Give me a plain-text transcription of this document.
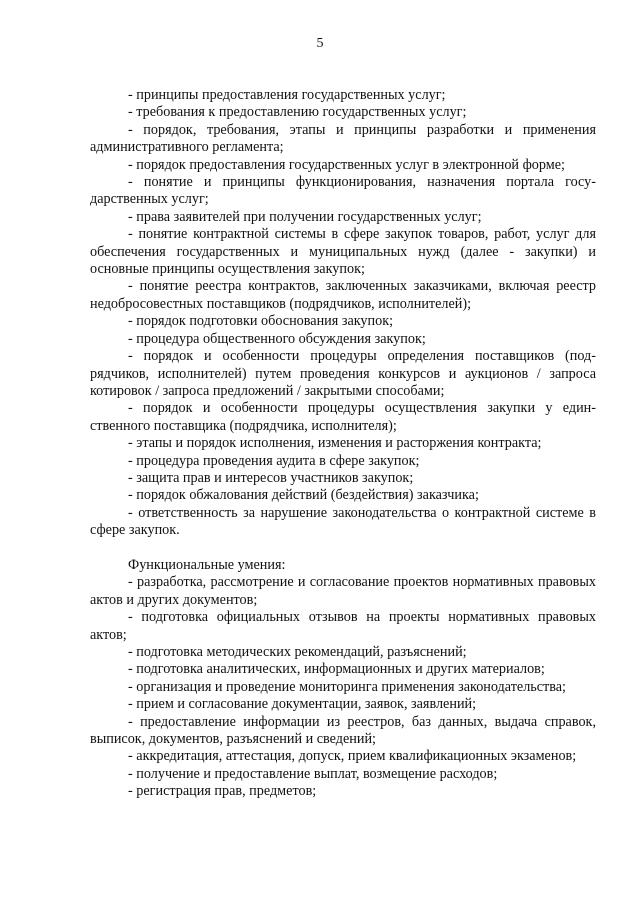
5

- принципы предоставления государственных услуг;

- требования к предоставлению государственных услуг;

- порядок, требования, этапы и принципы разработки и применения административного регламента;

- порядок предоставления государственных услуг в электронной форме;

- понятие и принципы функционирования, назначения портала государственных услуг;

- права заявителей при получении государственных услуг;

- понятие контрактной системы в сфере закупок товаров, работ, услуг для обеспечения государственных и муниципальных нужд (далее - закупки) и основные принципы осуществления закупок;

- понятие реестра контрактов, заключенных заказчиками, включая реестр недобросовестных поставщиков (подрядчиков, исполнителей);

- порядок подготовки обоснования закупок;

- процедура общественного обсуждения закупок;

- порядок и особенности процедуры определения поставщиков (подрядчиков, исполнителей) путем проведения конкурсов и аукционов / запроса котировок / запроса предложений / закрытыми способами;

- порядок и особенности процедуры осуществления закупки у единственного поставщика (подрядчика, исполнителя);

- этапы и порядок исполнения, изменения и расторжения контракта;

- процедура проведения аудита в сфере закупок;

- защита прав и интересов участников закупок;

- порядок обжалования действий (бездействия) заказчика;

- ответственность за нарушение законодательства о контрактной системе в сфере закупок.

Функциональные умения:

- разработка, рассмотрение и согласование проектов нормативных правовых актов и других документов;

- подготовка официальных отзывов на проекты нормативных правовых актов;

- подготовка методических рекомендаций, разъяснений;

- подготовка аналитических, информационных и других материалов;

- организация и проведение мониторинга применения законодательства;

- прием и согласование документации, заявок, заявлений;

- предоставление информации из реестров, баз данных, выдача справок, выписок, документов, разъяснений и сведений;

- аккредитация, аттестация, допуск, прием квалификационных экзаменов;

- получение и предоставление выплат, возмещение расходов;

- регистрация прав, предметов;
